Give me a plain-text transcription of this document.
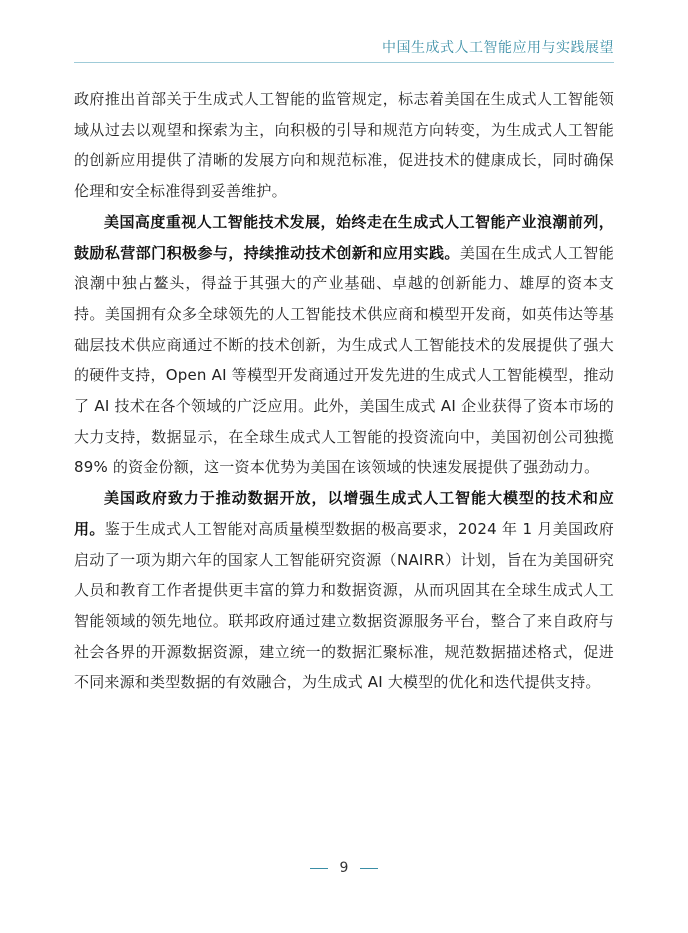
中国生成式人工智能应用与实践展望

政府推出首部关于生成式人工智能的监管规定，标志着美国在生成式人工智能领域从过去以观望和探索为主，向积极的引导和规范方向转变，为生成式人工智能的创新应用提供了清晰的发展方向和规范标准，促进技术的健康成长，同时确保伦理和安全标准得到妥善维护。

美国高度重视人工智能技术发展，始终走在生成式人工智能产业浪潮前列，鼓励私营部门积极参与，持续推动技术创新和应用实践。美国在生成式人工智能浪潮中独占鳌头，得益于其强大的产业基础、卓越的创新能力、雄厚的资本支持。美国拥有众多全球领先的人工智能技术供应商和模型开发商，如英伟达等基础层技术供应商通过不断的技术创新，为生成式人工智能技术的发展提供了强大的硬件支持，Open AI 等模型开发商通过开发先进的生成式人工智能模型，推动了 AI 技术在各个领域的广泛应用。此外，美国生成式 AI 企业获得了资本市场的大力支持，数据显示，在全球生成式人工智能的投资流向中，美国初创公司独揽 89% 的资金份额，这一资本优势为美国在该领域的快速发展提供了强劲动力。

美国政府致力于推动数据开放，以增强生成式人工智能大模型的技术和应用。鉴于生成式人工智能对高质量模型数据的极高要求，2024 年 1 月美国政府启动了一项为期六年的国家人工智能研究资源（NAIRR）计划，旨在为美国研究人员和教育工作者提供更丰富的算力和数据资源，从而巩固其在全球生成式人工智能领域的领先地位。联邦政府通过建立数据资源服务平台，整合了来自政府与社会各界的开源数据资源，建立统一的数据汇聚标准，规范数据描述格式，促进不同来源和类型数据的有效融合，为生成式 AI 大模型的优化和迭代提供支持。

9
